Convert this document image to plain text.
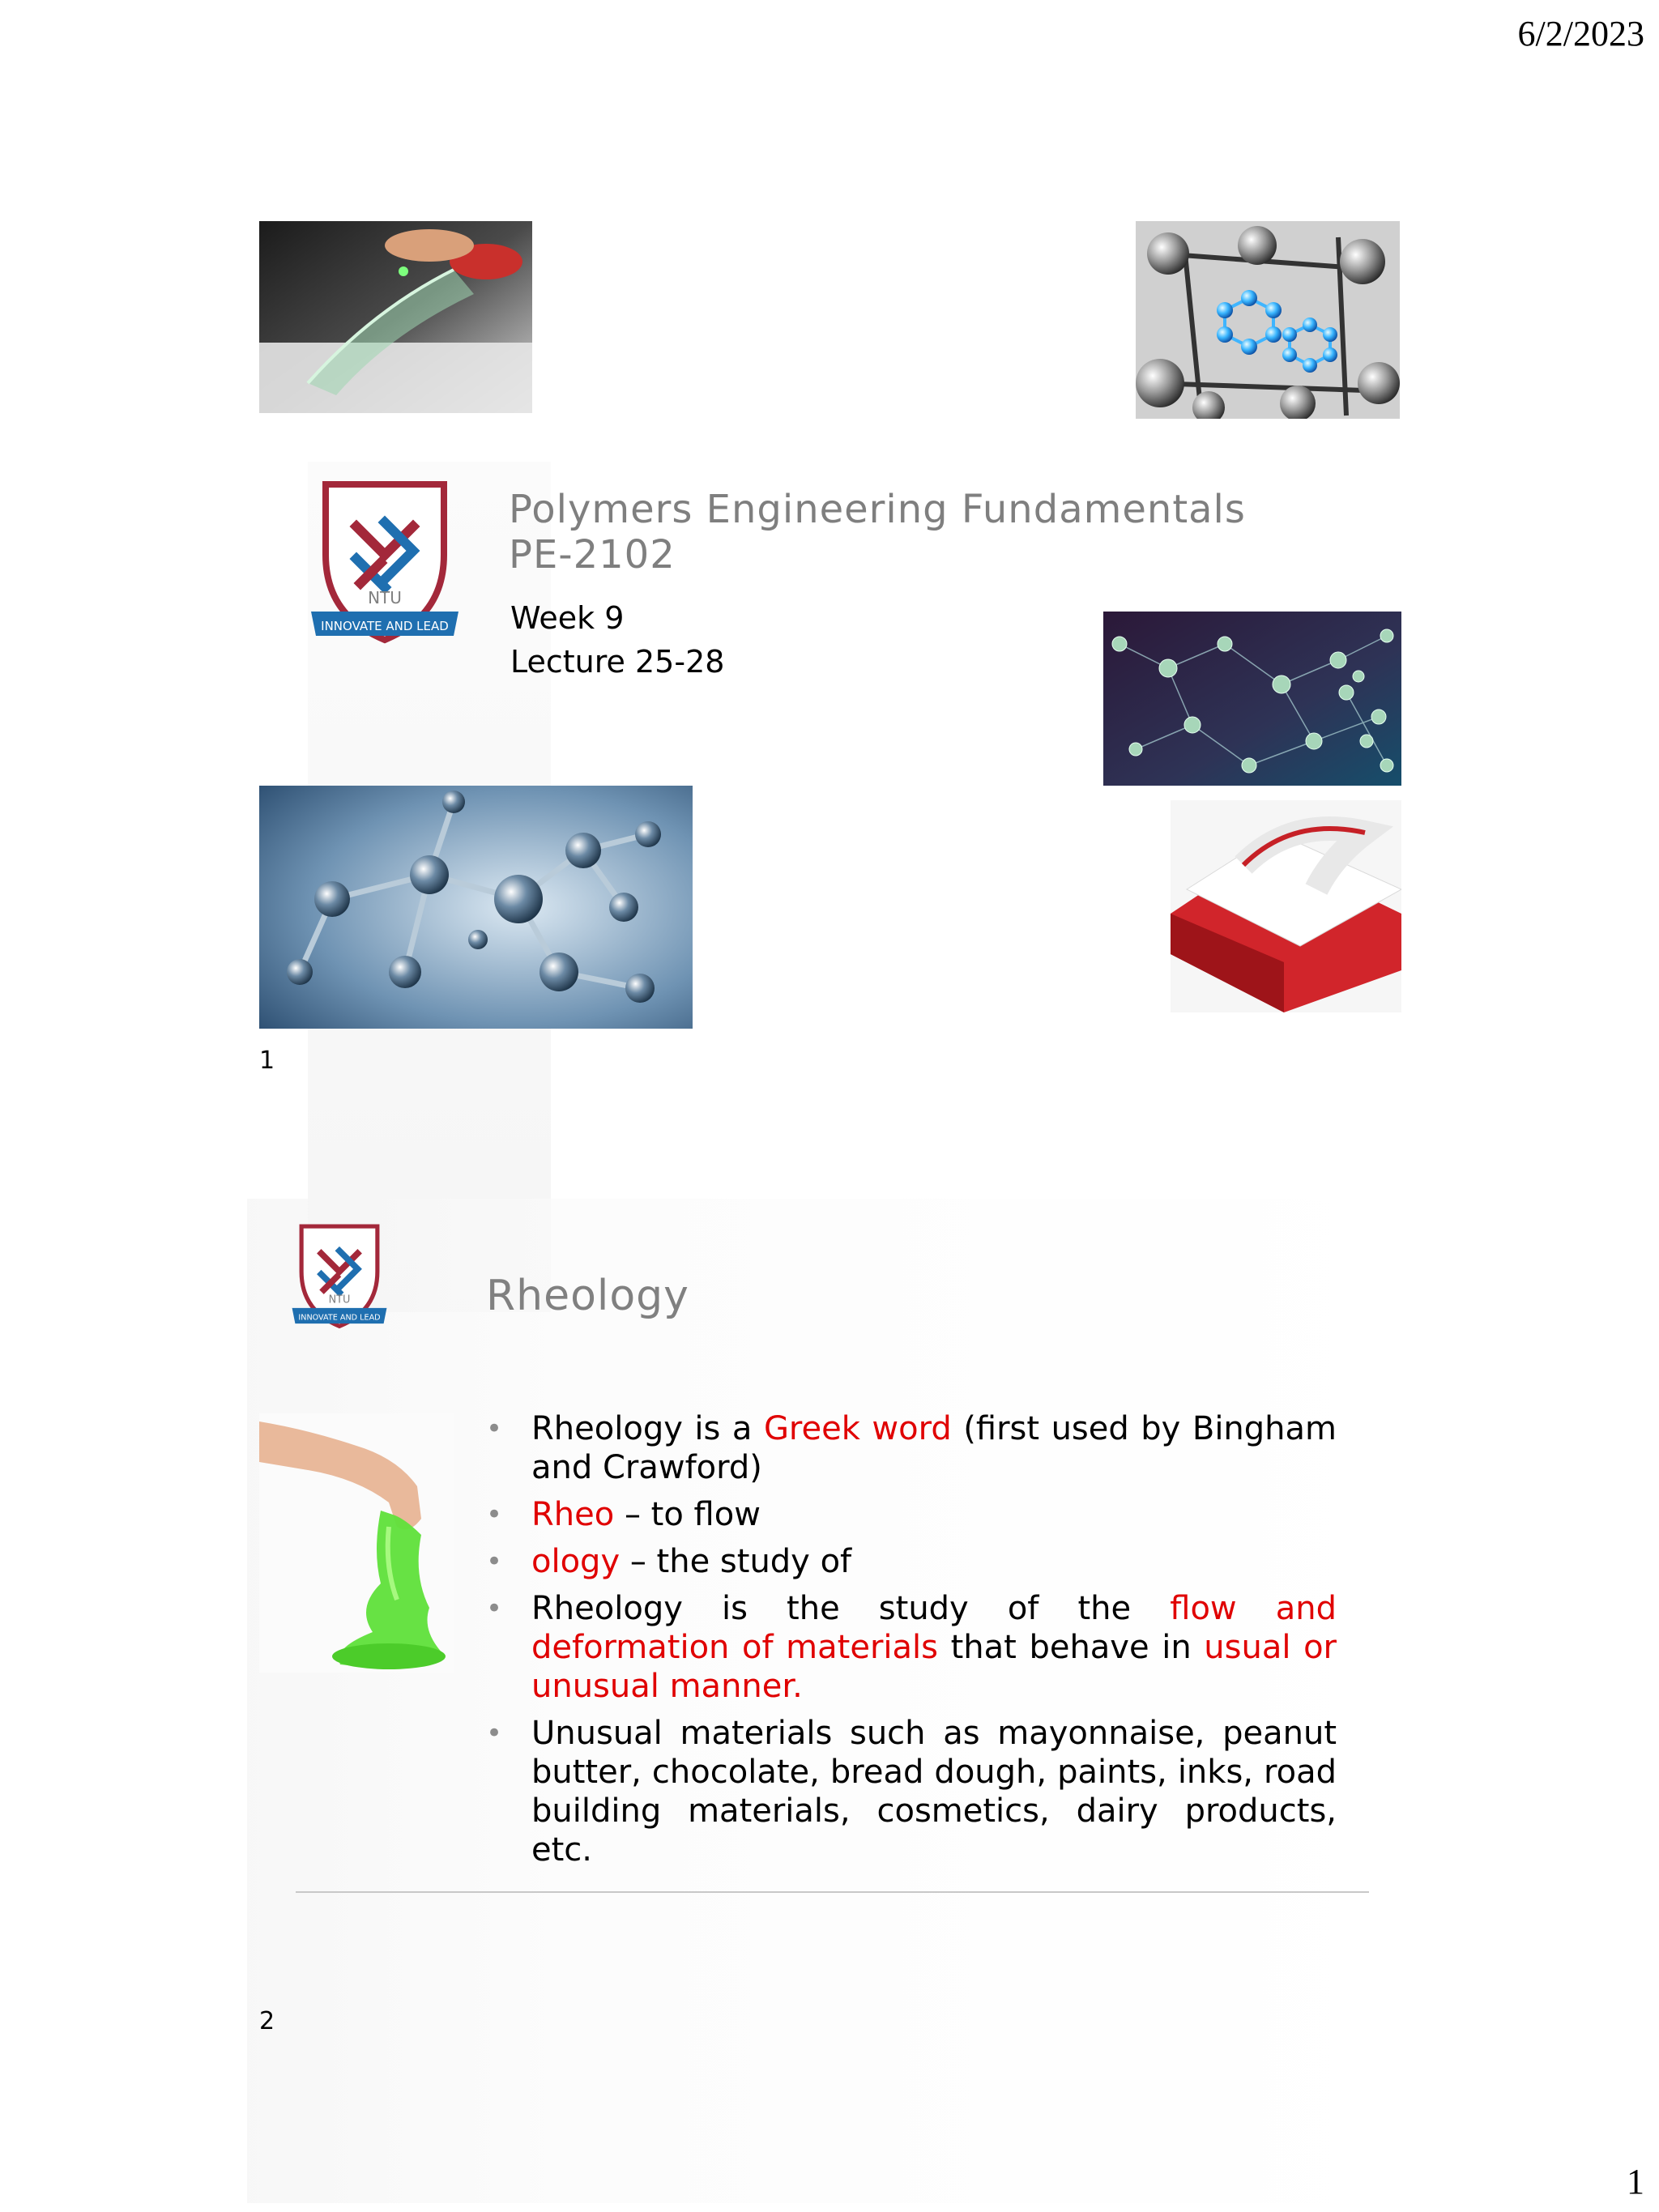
6/2/2023
1
NTU
INNOVATE AND LEAD
Polymers Engineering Fundamentals
PE-2102
Week 9
Lecture 25-28
1
NTU
INNOVATE AND LEAD	Rheology
• Rheology is a Greek word (first used by Bingham and Crawford)
• Rheo – to flow
• ology – the study of
• Rheology is the study of the flow and deformation of materials that behave in usual or unusual manner.
• Unusual materials such as mayonnaise, peanut butter, chocolate, bread dough, paints, inks, road building materials, cosmetics, dairy products, etc.
2
